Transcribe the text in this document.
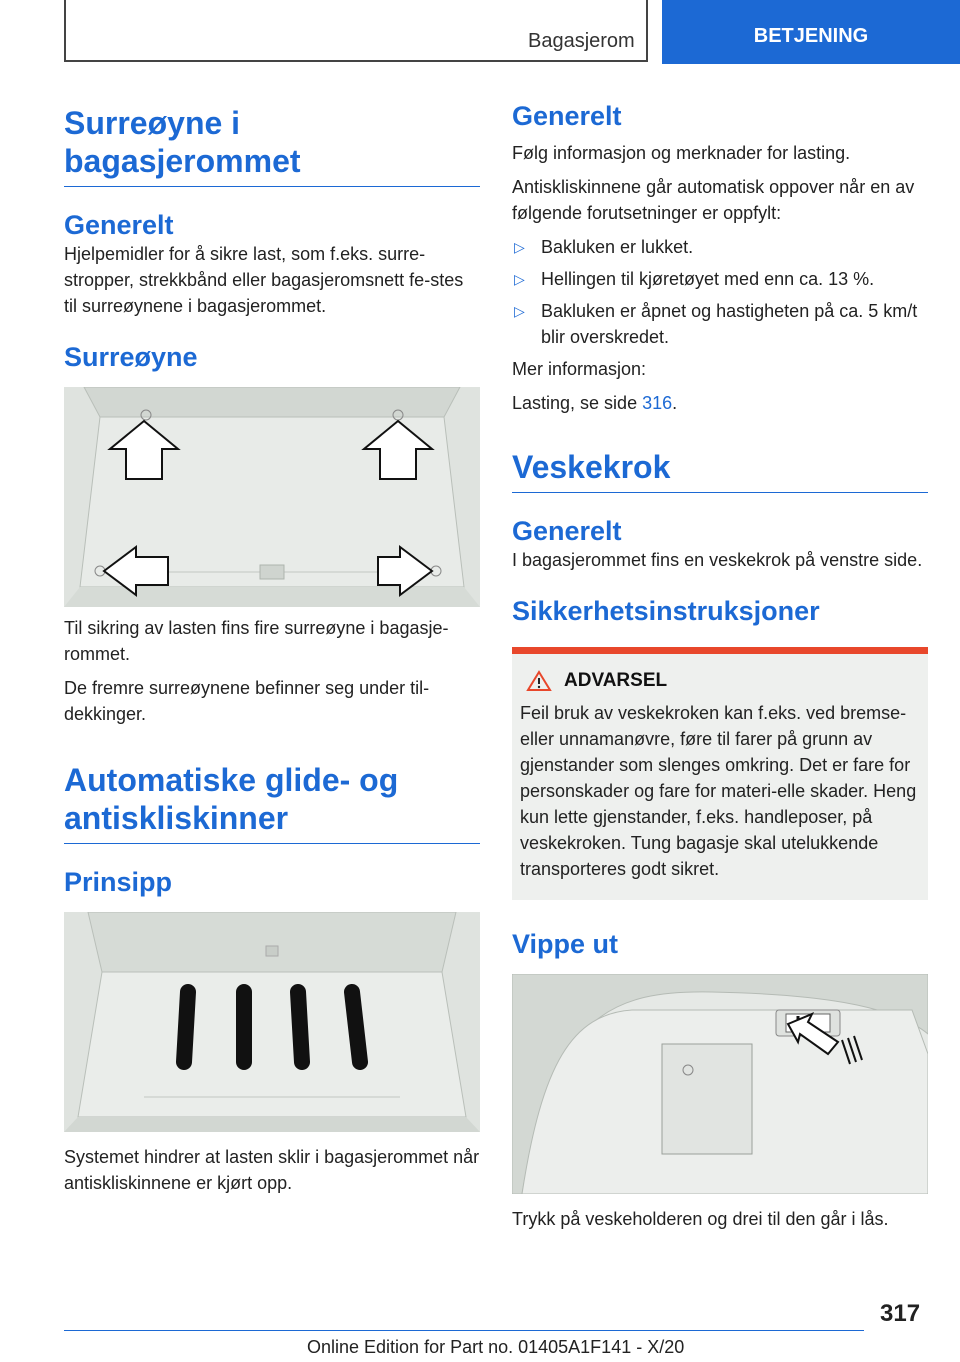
Bagasjerom	BETJENING
Surreøyne i bagasjerommet
Generelt

Hjelpemidler for å sikre last, som f.eks. surre-stropper, strekkbånd eller bagasjeromsnett fe-stes til surreøynene i bagasjerommet.

Surreøyne

Til sikring av lasten fins fire surreøyne i bagasje-rommet.

De fremre surreøynene befinner seg under til-dekkinger.

Automatiske glide- og antiskliskinner
Prinsipp

Systemet hindrer at lasten sklir i bagasjerommet når antiskliskinnene er kjørt opp.

Generelt

Følg informasjon og merknader for lasting.

Antiskliskinnene går automatisk oppover når en av følgende forutsetninger er oppfylt:

▷ Bakluken er lukket.
▷ Hellingen til kjøretøyet med enn ca. 13 %.
▷ Bakluken er åpnet og hastigheten på ca. 5 km/t blir overskredet.

Mer informasjon:

Lasting, se side 316.

Veskekrok
Generelt

I bagasjerommet fins en veskekrok på venstre side.

Sikkerhetsinstruksjoner
ADVARSEL

Feil bruk av veskekroken kan f.eks. ved bremse- eller unnamanøvre, føre til farer på grunn av gjenstander som slenges omkring. Det er fare for personskader og fare for materi-elle skader. Heng kun lette gjenstander, f.eks. handleposer, på veskekroken. Tung bagasje skal utelukkende transporteres godt sikret.

Vippe ut

Trykk på veskeholderen og drei til den går i lås.

317
Online Edition for Part no. 01405A1F141 - X/20
